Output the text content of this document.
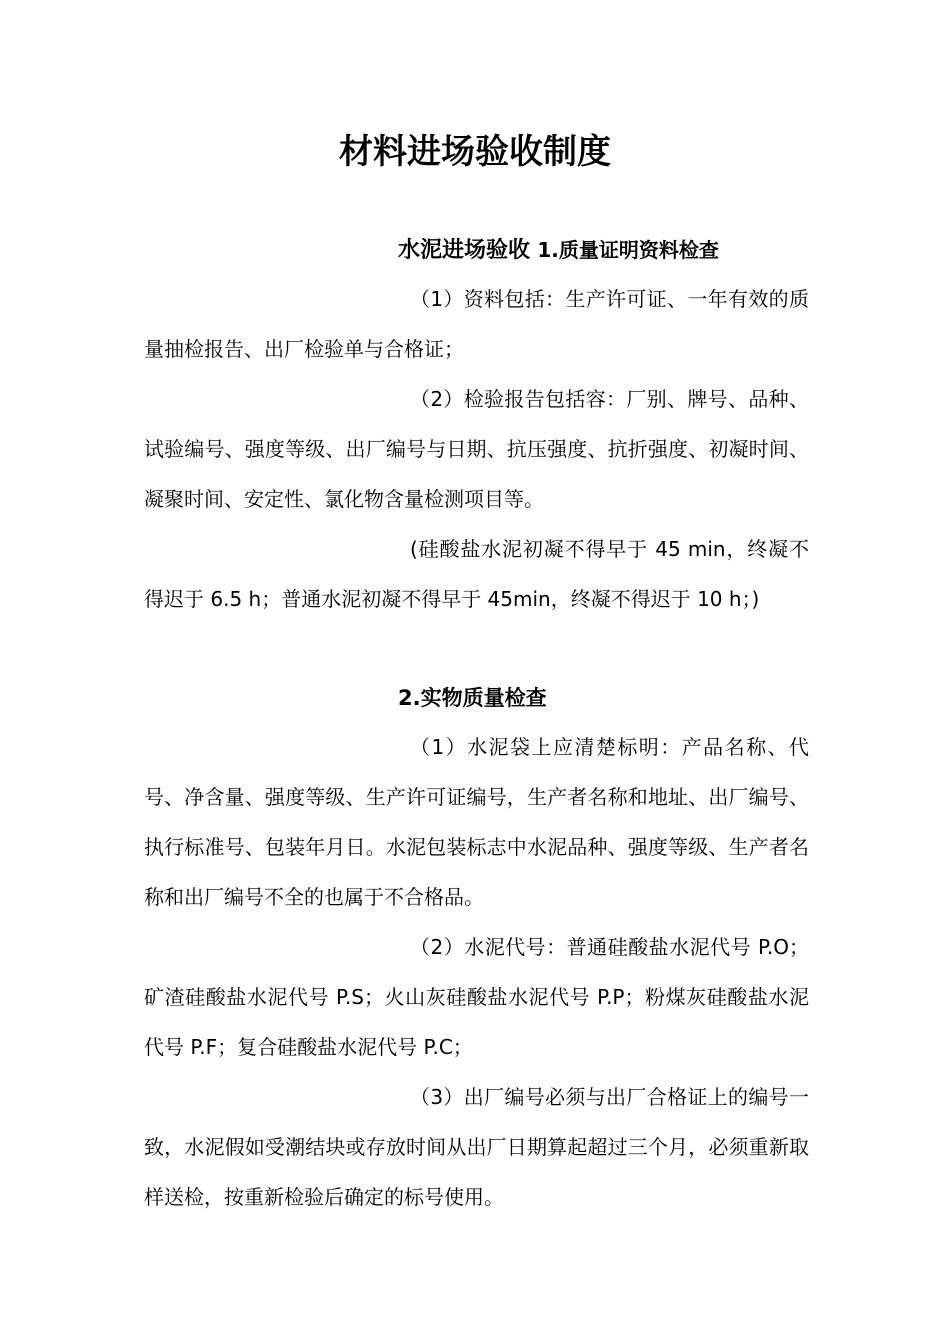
材料进场验收制度
水泥进场验收 1.质量证明资料检查

（1）资料包括：生产许可证、一年有效的质量抽检报告、出厂检验单与合格证；

（2）检验报告包括容：厂别、牌号、品种、试验编号、强度等级、出厂编号与日期、抗压强度、抗折强度、初凝时间、凝聚时间、安定性、氯化物含量检测项目等。

(硅酸盐水泥初凝不得早于 45 min，终凝不得迟于 6.5 h；普通水泥初凝不得早于 45min，终凝不得迟于 10 h；)

2.实物质量检查

（1）水泥袋上应清楚标明：产品名称、代号、净含量、强度等级、生产许可证编号，生产者名称和地址、出厂编号、执行标准号、包装年月日。水泥包装标志中水泥品种、强度等级、生产者名称和出厂编号不全的也属于不合格品。

（2）水泥代号：普通硅酸盐水泥代号 P.O；矿渣硅酸盐水泥代号 P.S；火山灰硅酸盐水泥代号 P.P；粉煤灰硅酸盐水泥代号 P.F；复合硅酸盐水泥代号 P.C；

（3）出厂编号必须与出厂合格证上的编号一致，水泥假如受潮结块或存放时间从出厂日期算起超过三个月，必须重新取样送检，按重新检验后确定的标号使用。
